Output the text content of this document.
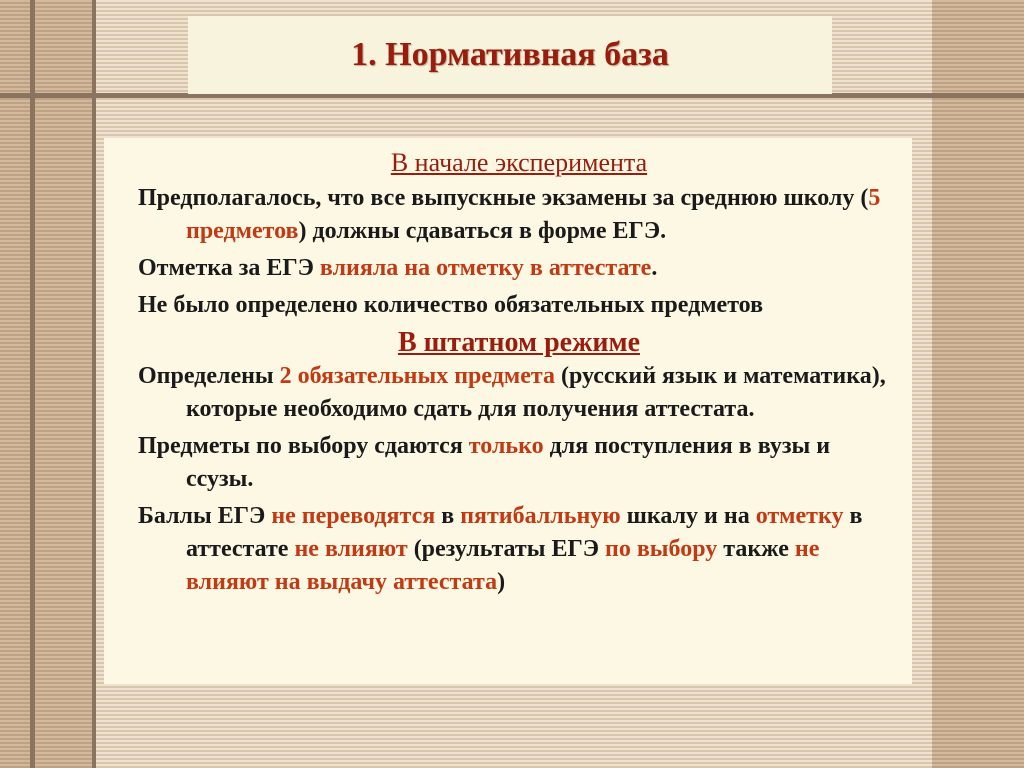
1. Нормативная база

В начале эксперимента

Предполагалось, что все выпускные экзамены за среднюю школу (5 предметов) должны сдаваться в форме ЕГЭ.

Отметка за ЕГЭ влияла на отметку в аттестате.

Не было определено количество обязательных предметов

В штатном режиме

Определены 2 обязательных предмета (русский язык и математика), которые необходимо сдать для получения аттестата.

Предметы по выбору сдаются только для поступления в вузы и ссузы.

Баллы ЕГЭ не переводятся в пятибалльную шкалу и на отметку в аттестате не влияют (результаты ЕГЭ по выбору также не влияют на выдачу аттестата)
